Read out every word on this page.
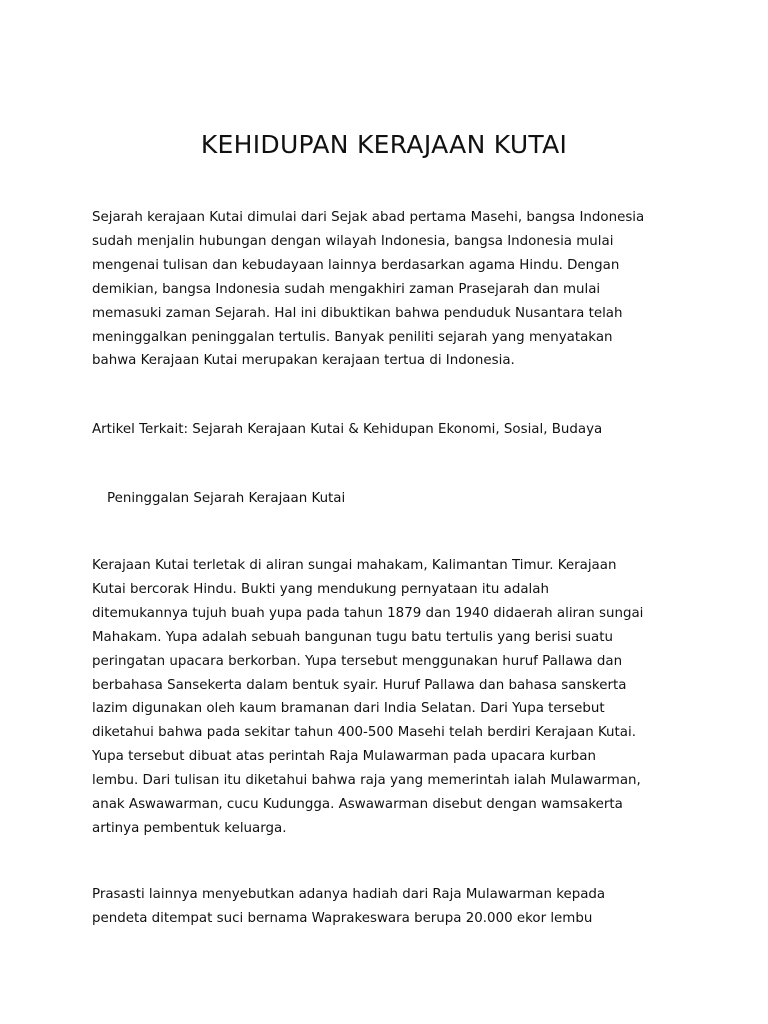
KEHIDUPAN KERAJAAN KUTAI

Sejarah kerajaan Kutai dimulai dari Sejak abad pertama Masehi, bangsa Indonesia
sudah menjalin hubungan dengan wilayah Indonesia, bangsa Indonesia mulai
mengenai tulisan dan kebudayaan lainnya berdasarkan agama Hindu. Dengan
demikian, bangsa Indonesia sudah mengakhiri zaman Prasejarah dan mulai
memasuki zaman Sejarah. Hal ini dibuktikan bahwa penduduk Nusantara telah
meninggalkan peninggalan tertulis. Banyak peniliti sejarah yang menyatakan
bahwa Kerajaan Kutai merupakan kerajaan tertua di Indonesia.

Artikel Terkait: Sejarah Kerajaan Kutai & Kehidupan Ekonomi, Sosial, Budaya

Peninggalan Sejarah Kerajaan Kutai

Kerajaan Kutai terletak di aliran sungai mahakam, Kalimantan Timur. Kerajaan
Kutai bercorak Hindu. Bukti yang mendukung pernyataan itu adalah
ditemukannya tujuh buah yupa pada tahun 1879 dan 1940 didaerah aliran sungai
Mahakam. Yupa adalah sebuah bangunan tugu batu tertulis yang berisi suatu
peringatan upacara berkorban. Yupa tersebut menggunakan huruf Pallawa dan
berbahasa Sansekerta dalam bentuk syair. Huruf Pallawa dan bahasa sanskerta
lazim digunakan oleh kaum bramanan dari India Selatan. Dari Yupa tersebut
diketahui bahwa pada sekitar tahun 400-500 Masehi telah berdiri Kerajaan Kutai.
Yupa tersebut dibuat atas perintah Raja Mulawarman pada upacara kurban
lembu. Dari tulisan itu diketahui bahwa raja yang memerintah ialah Mulawarman,
anak Aswawarman, cucu Kudungga. Aswawarman disebut dengan wamsakerta
artinya pembentuk keluarga.

Prasasti lainnya menyebutkan adanya hadiah dari Raja Mulawarman kepada
pendeta ditempat suci bernama Waprakeswara berupa 20.000 ekor lembu
